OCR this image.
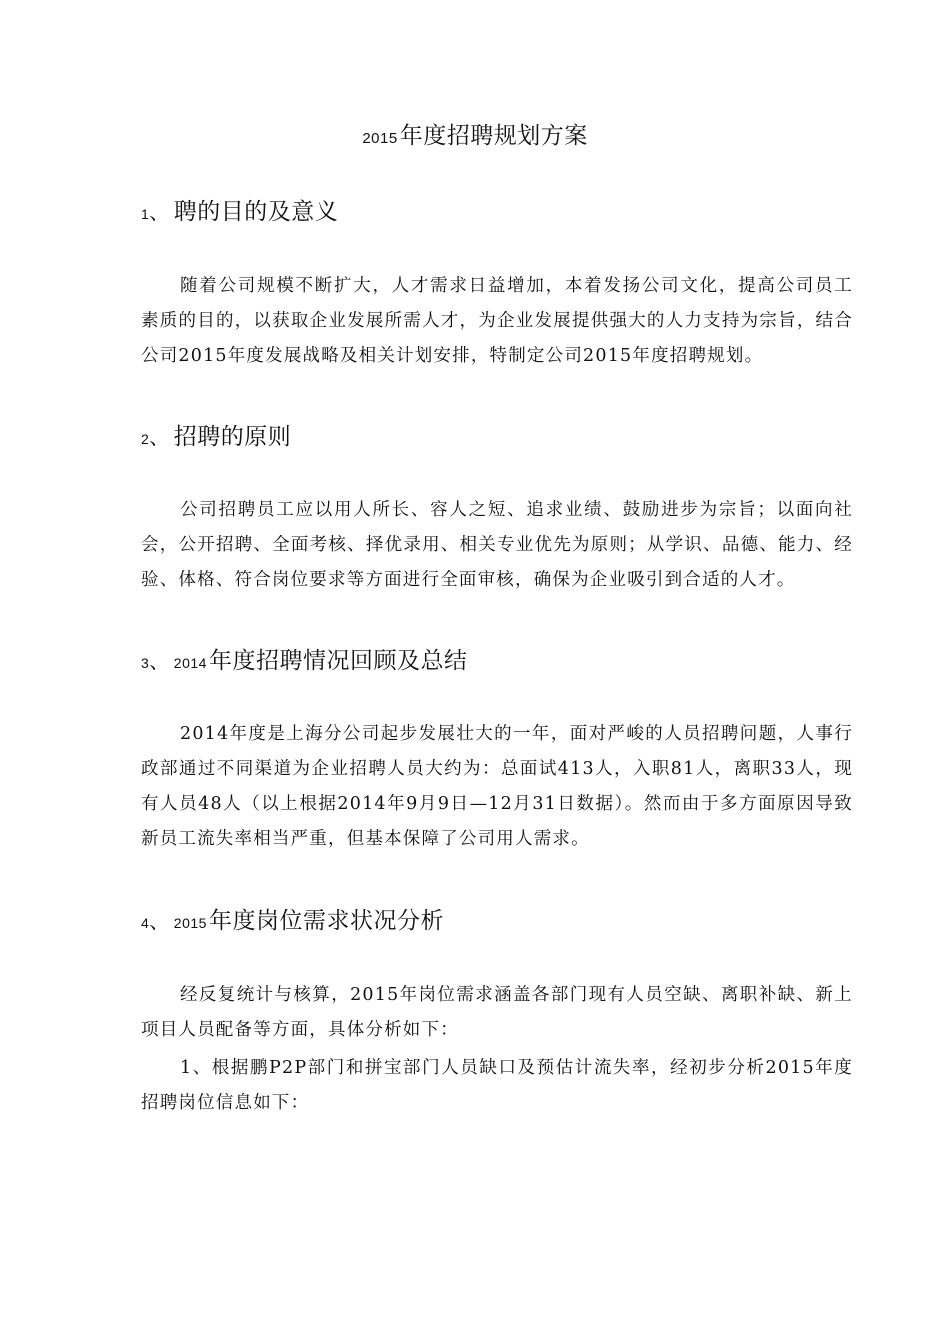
2015年度招聘规划方案
1、 聘的目的及意义

随着公司规模不断扩大，人才需求日益增加，本着发扬公司文化，提高公司员工素质的目的，以获取企业发展所需人才，为企业发展提供强大的人力支持为宗旨，结合公司2015年度发展战略及相关计划安排，特制定公司2015年度招聘规划。

2、 招聘的原则

公司招聘员工应以用人所长、容人之短、追求业绩、鼓励进步为宗旨；以面向社会，公开招聘、全面考核、择优录用、相关专业优先为原则；从学识、品德、能力、经验、体格、符合岗位要求等方面进行全面审核，确保为企业吸引到合适的人才。

3、 2014年度招聘情况回顾及总结

2014年度是上海分公司起步发展壮大的一年，面对严峻的人员招聘问题，人事行政部通过不同渠道为企业招聘人员大约为：总面试413人，入职81人，离职33人，现有人员48人（以上根据2014年9月9日—12月31日数据）。然而由于多方面原因导致新员工流失率相当严重，但基本保障了公司用人需求。

4、 2015年度岗位需求状况分析

经反复统计与核算，2015年岗位需求涵盖各部门现有人员空缺、离职补缺、新上项目人员配备等方面，具体分析如下：

1、根据鹏P2P部门和拼宝部门人员缺口及预估计流失率，经初步分析2015年度招聘岗位信息如下：
